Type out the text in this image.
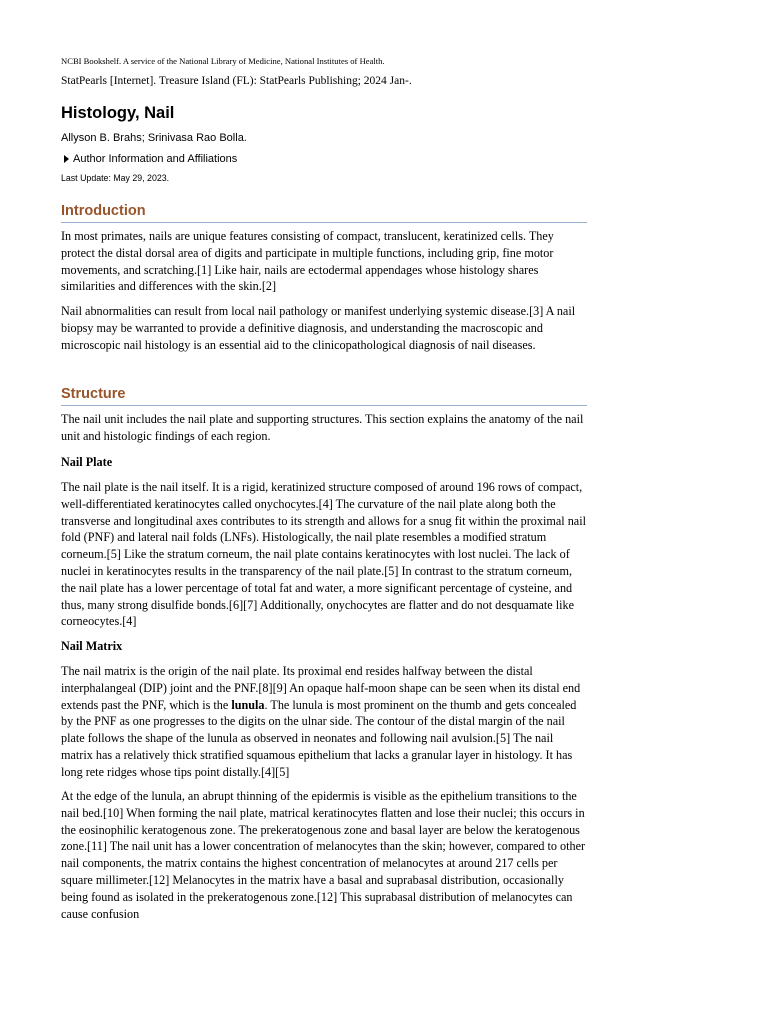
NCBI Bookshelf. A service of the National Library of Medicine, National Institutes of Health.
StatPearls [Internet]. Treasure Island (FL): StatPearls Publishing; 2024 Jan-.
Histology, Nail
Allyson B. Brahs; Srinivasa Rao Bolla.
Author Information and Affiliations
Last Update: May 29, 2023.
Introduction

In most primates, nails are unique features consisting of compact, translucent, keratinized cells. They protect the distal dorsal area of digits and participate in multiple functions, including grip, fine motor movements, and scratching.[1] Like hair, nails are ectodermal appendages whose histology shares similarities and differences with the skin.[2]

Nail abnormalities can result from local nail pathology or manifest underlying systemic disease.[3] A nail biopsy may be warranted to provide a definitive diagnosis, and understanding the macroscopic and microscopic nail histology is an essential aid to the clinicopathological diagnosis of nail diseases.

Structure

The nail unit includes the nail plate and supporting structures. This section explains the anatomy of the nail unit and histologic findings of each region.

Nail Plate

The nail plate is the nail itself. It is a rigid, keratinized structure composed of around 196 rows of compact, well-differentiated keratinocytes called onychocytes.[4] The curvature of the nail plate along both the transverse and longitudinal axes contributes to its strength and allows for a snug fit within the proximal nail fold (PNF) and lateral nail folds (LNFs). Histologically, the nail plate resembles a modified stratum corneum.[5] Like the stratum corneum, the nail plate contains keratinocytes with lost nuclei. The lack of nuclei in keratinocytes results in the transparency of the nail plate.[5] In contrast to the stratum corneum, the nail plate has a lower percentage of total fat and water, a more significant percentage of cysteine, and thus, many strong disulfide bonds.[6][7] Additionally, onychocytes are flatter and do not desquamate like corneocytes.[4]

Nail Matrix

The nail matrix is the origin of the nail plate. Its proximal end resides halfway between the distal interphalangeal (DIP) joint and the PNF.[8][9] An opaque half-moon shape can be seen when its distal end extends past the PNF, which is the lunula. The lunula is most prominent on the thumb and gets concealed by the PNF as one progresses to the digits on the ulnar side. The contour of the distal margin of the nail plate follows the shape of the lunula as observed in neonates and following nail avulsion.[5] The nail matrix has a relatively thick stratified squamous epithelium that lacks a granular layer in histology. It has long rete ridges whose tips point distally.[4][5]

At the edge of the lunula, an abrupt thinning of the epidermis is visible as the epithelium transitions to the nail bed.[10] When forming the nail plate, matrical keratinocytes flatten and lose their nuclei; this occurs in the eosinophilic keratogenous zone. The prekeratogenous zone and basal layer are below the keratogenous zone.[11] The nail unit has a lower concentration of melanocytes than the skin; however, compared to other nail components, the matrix contains the highest concentration of melanocytes at around 217 cells per square millimeter.[12] Melanocytes in the matrix have a basal and suprabasal distribution, occasionally being found as isolated in the prekeratogenous zone.[12] This suprabasal distribution of melanocytes can cause confusion
